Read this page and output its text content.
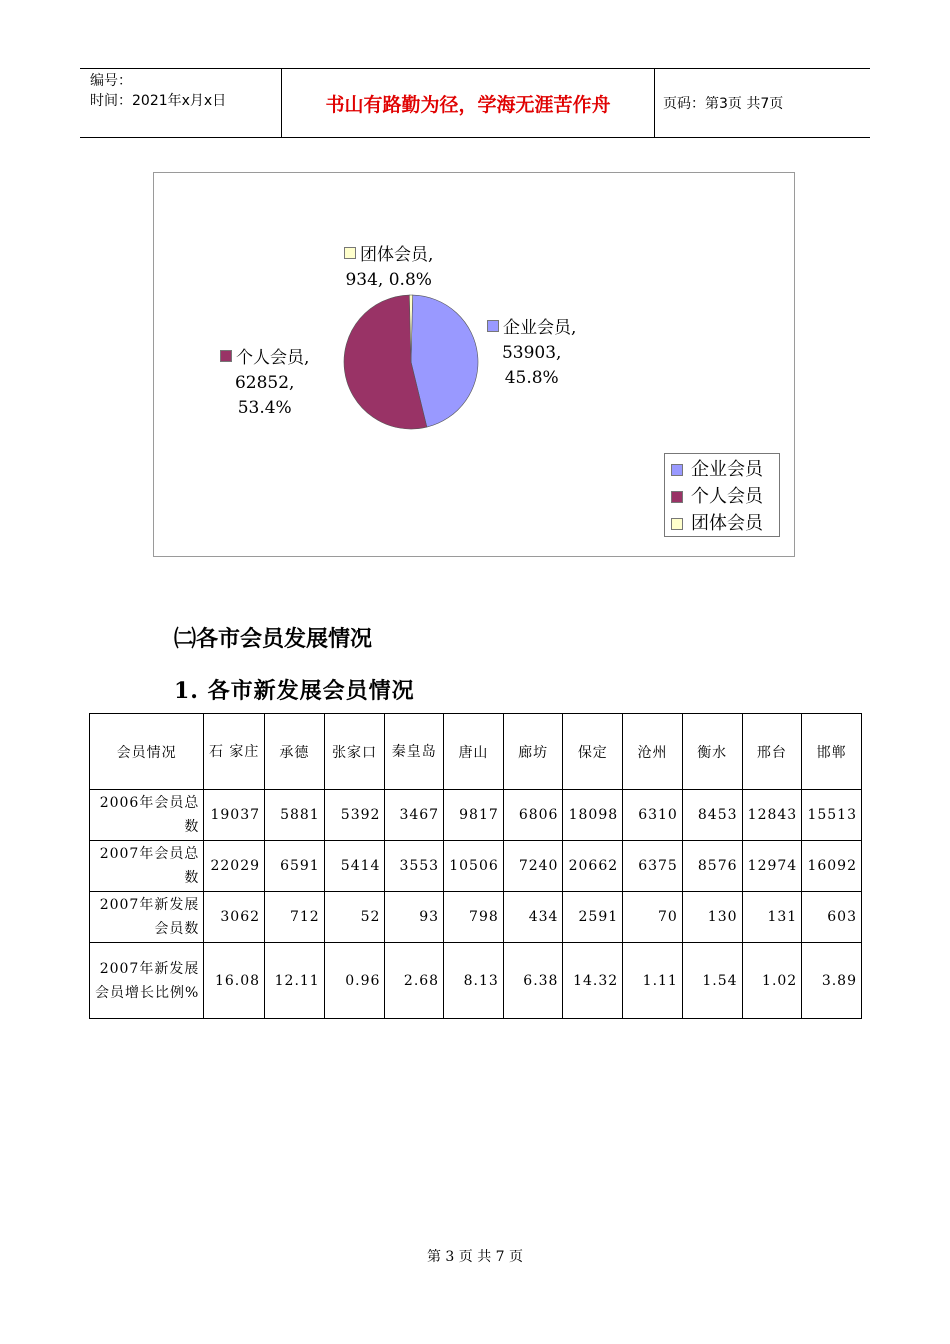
编号：
时间：2021年x月x日	书山有路勤为径，学海无涯苦作舟	页码：第3页 共7页
团体会员,
934, 0.8%
企业会员,
53903,
45.8%
个人会员,
62852,
53.4%
企业会员
个人会员
团体会员
㈡各市会员发展情况
1. 各市新发展会员情况
会员情况	石 家庄	承德	张家口	秦皇岛	唐山	廊坊	保定	沧州	衡水	邢台	邯郸
2006年会员总数	19037	5881	5392	3467	9817	6806	18098	6310	8453	12843	15513
2007年会员总数	22029	6591	5414	3553	10506	7240	20662	6375	8576	12974	16092
2007年新发展会员数	3062	712	52	93	798	434	2591	70	130	131	603
2007年新发展会员增长比例%	16.08	12.11	0.96	2.68	8.13	6.38	14.32	1.11	1.54	1.02	3.89
第 3 页 共 7 页
